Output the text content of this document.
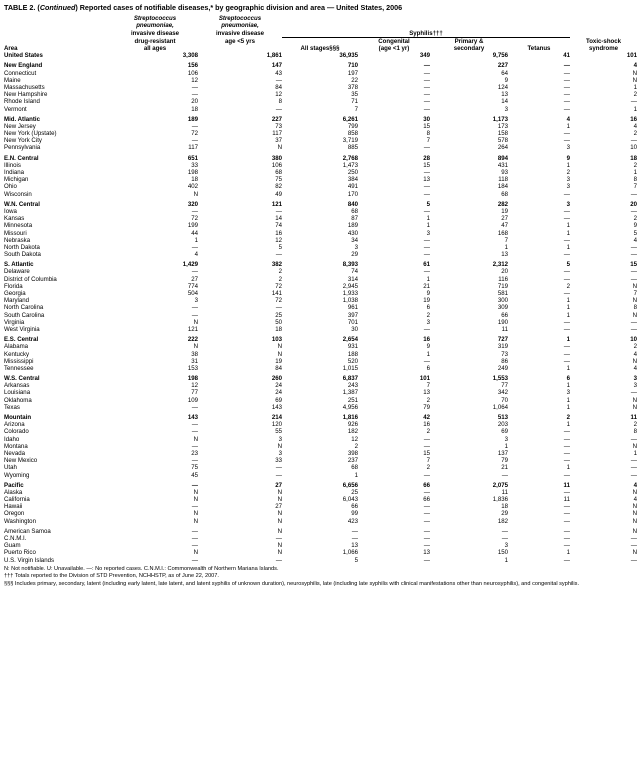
TABLE 2. (Continued) Reported cases of notifiable diseases,* by geographic division and area — United States, 2006
	Streptococcus	Streptococcus					
	pneumoniae,	pneumoniae,					
	invasive disease	invasive disease	Syphilis†††				
	drug-resistant	age <5 yrs		Congenital	Primary &		Toxic-shock
Area	all ages		All stages§§§	(age <1 yr)	secondary	Tetanus	syndrome
United States	3,308	1,861	36,935	349	9,756	41	101

New England	156	147	710	—	227	—	4
Connecticut	106	43	197	—	64	—	N
Maine	12	—	22	—	9	—	N
Massachusetts	—	84	378	—	124	—	1
New Hampshire	—	12	35	—	13	—	2
Rhode Island	20	8	71	—	14	—	—
Vermont	18	—	7	—	3	—	1

Mid. Atlantic	189	227	6,261	30	1,173	4	16
New Jersey	—	73	799	15	173	1	4
New York (Upstate)	72	117	858	8	158	—	2
New York City	—	37	3,719	7	578	—	—
Pennsylvania	117	N	885	—	264	3	10

E.N. Central	651	380	2,768	28	894	9	18
Illinois	33	106	1,473	15	431	1	2
Indiana	198	68	250	—	93	2	1
Michigan	18	75	384	13	118	3	8
Ohio	402	82	491	—	184	3	7
Wisconsin	N	49	170	—	68	—	—

W.N. Central	320	121	840	5	282	3	20
Iowa	—	—	68	—	19	—	—
Kansas	72	14	87	1	27	—	2
Minnesota	199	74	189	1	47	1	9
Missouri	44	16	430	3	168	1	5
Nebraska	1	12	34	—	7	—	4
North Dakota	—	5	3	—	1	1	—
South Dakota	4	—	29	—	13	—	—

S. Atlantic	1,429	382	8,393	61	2,312	5	15
Delaware	—	2	74	—	20	—	—
District of Columbia	27	2	314	1	116	—	—
Florida	774	72	2,945	21	719	2	N
Georgia	504	141	1,933	9	581	—	7
Maryland	3	72	1,038	19	300	1	N
North Carolina	—	—	961	6	309	1	8
South Carolina	—	25	397	2	66	1	N
Virginia	N	50	701	3	190	—	—
West Virginia	121	18	30	—	11	—	—

E.S. Central	222	103	2,654	16	727	1	10
Alabama	N	N	931	9	319	—	2
Kentucky	38	N	188	1	73	—	4
Mississippi	31	19	520	—	86	—	N
Tennessee	153	84	1,015	6	249	1	4

W.S. Central	198	260	6,837	101	1,553	6	3
Arkansas	12	24	243	7	77	1	3
Louisiana	77	24	1,387	13	342	3	—
Oklahoma	109	69	251	2	70	1	N
Texas	—	143	4,956	79	1,064	1	N

Mountain	143	214	1,816	42	513	2	11
Arizona	—	120	926	16	203	1	2
Colorado	—	55	182	2	69	—	8
Idaho	N	3	12	—	3	—	—
Montana	—	N	2	—	1	—	N
Nevada	23	3	398	15	137	—	1
New Mexico	—	33	237	7	79	—	—
Utah	75	—	68	2	21	1	—
Wyoming	45	—	1	—	—	—	—

Pacific	—	27	6,656	66	2,075	11	4
Alaska	N	N	25	—	11	—	N
California	N	N	6,043	66	1,836	11	4
Hawaii	—	27	66	—	18	—	N
Oregon	N	N	99	—	29	—	N
Washington	N	N	423	—	182	—	N

American Samoa	—	N	—	—	—	—	N
C.N.M.I.	—	—	—	—	—	—	—
Guam	—	N	13	—	3	—	—
Puerto Rico	N	N	1,066	13	150	1	N
U.S. Virgin Islands	—	—	5	—	1	—	—
N: Not notifiable. U: Unavailable. —: No reported cases. C.N.M.I.: Commonwealth of Northern Mariana Islands.
††† Totals reported to the Division of STD Prevention, NCHHSTP, as of June 22, 2007.
§§§ Includes primary, secondary, latent (including early latent, late latent, and latent syphilis of unknown duration), neurosyphilis, late (including late syphilis with clinical manifestations other than neurosyphilis), and congenital syphilis.
